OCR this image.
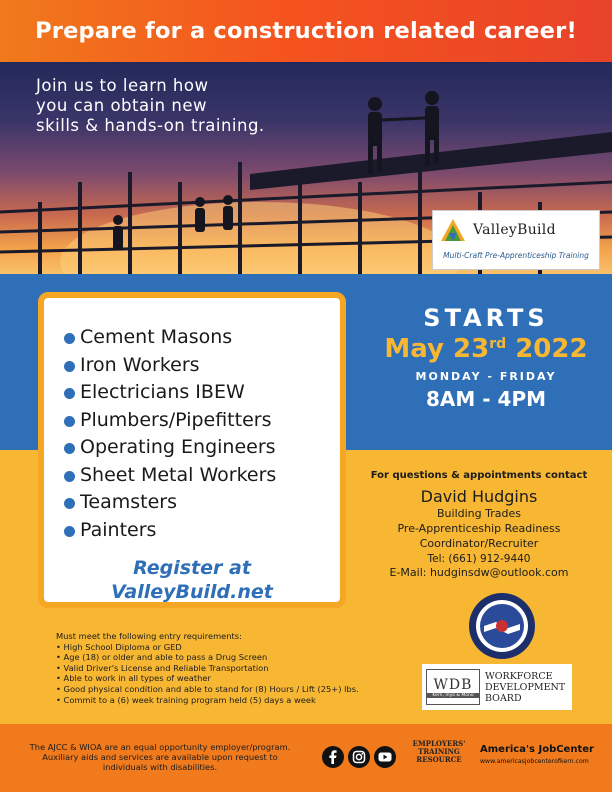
Prepare for a construction related career!
Join us to learn how
you can obtain new
skills & hands-on training.
ValleyBuild
Multi-Craft Pre-Apprenticeship Training
Cement Masons
Iron Workers
Electricians IBEW
Plumbers/Pipefitters
Operating Engineers
Sheet Metal Workers
Teamsters
Painters
Register at
ValleyBuild.net
STARTS
May 23rd 2022
MONDAY - FRIDAY
8AM - 4PM
For questions & appointments contact
David Hudgins
Building Trades
Pre-Apprenticeship Readiness
Coordinator/Recruiter
Tel: (661) 912-9440
E-Mail: hudginsdw@outlook.com
WDB
Kern, Inyo & Mono
WORKFORCE
DEVELOPMENT
BOARD
Must meet the following entry requirements:
• High School Diploma or GED
• Age (18) or older and able to pass a Drug Screen
• Valid Driver's License and Reliable Transportation
• Able to work in all types of weather
• Good physical condition and able to stand for (8) Hours / Lift (25+) lbs.
• Commit to a (6) week training program held (5) days a week
The AJCC & WIOA are an equal opportunity employer/program.
Auxiliary aids and services are available upon request to
individuals with disabilities.
EMPLOYERS'
TRAINING
RESOURCE
America's JobCenter
www.americasjobcenterofkern.com
